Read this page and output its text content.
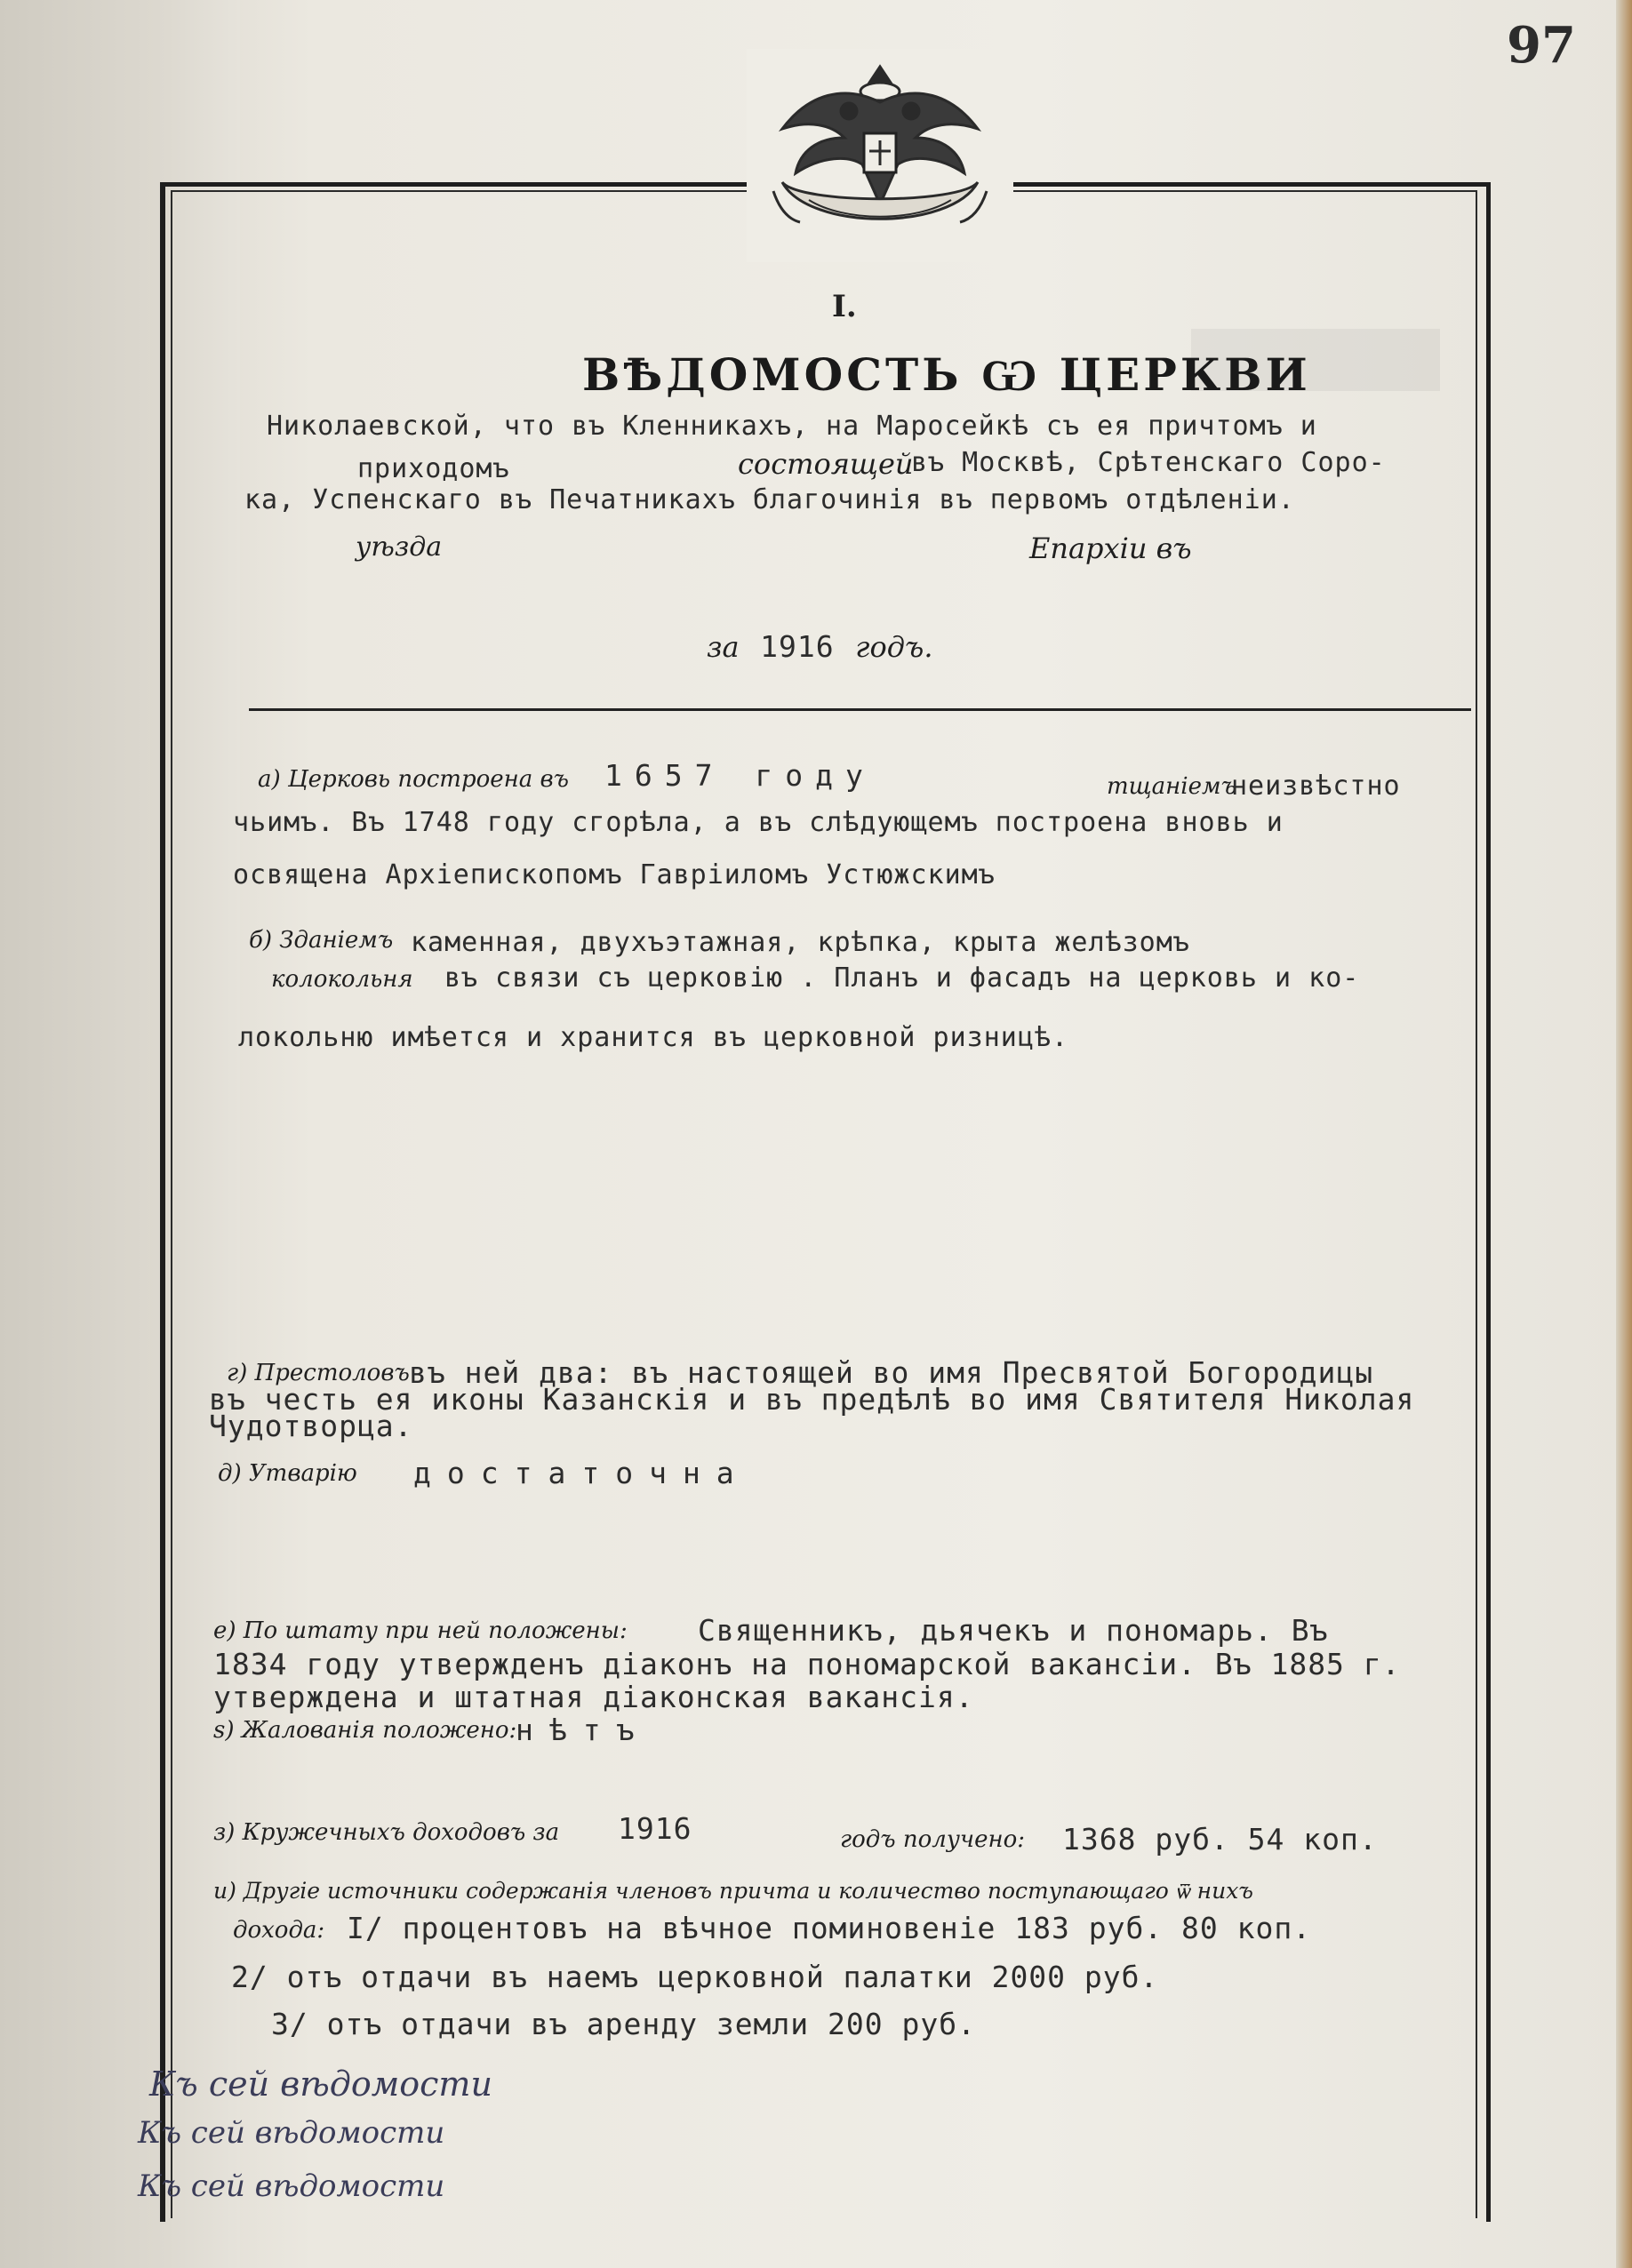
97
I.
ВѢДОМОСТЬ Ѡ ЦЕРКВИ
Николаевской, что въ Кленникахъ, на Маросейкѣ съ ея причтомъ и
приходомъ	состоящей
въ Москвѣ, Срѣтенскаго Соро-
ка, Успенскаго въ Печатникахъ благочинія въ первомъ отдѣленіи.
уѣзда	Епархіи въ
за 1916 годъ.
а) Церковь построена въ 1657 году	тщаніемъ
неизвѣстно
чьимъ. Въ 1748 году сгорѣла, а въ слѣдующемъ построена вновь и
освящена Архіепископомъ Гавріиломъ Устюжскимъ
б) Зданіемъ каменная, двухъэтажная, крѣпка, крыта желѣзомъ
колокольня въ связи съ церковію . Планъ и фасадъ на церковь и ко-
локольню имѣется и хранится въ церковной ризницѣ.
г) Престоловъ въ ней два: въ настоящей во имя Пресвятой Богородицы
въ честь ея иконы Казанскія и въ предѣлѣ во имя Святителя Николая
Чудотворца.
д) Утварію достаточна
е) По штату при ней положены: Священникъ, дьячекъ и пономарь. Въ
1834 году утвержденъ діаконъ на пономарской вакансіи. Въ 1885 г.
утверждена и штатная діаконская вакансія.
ѕ) Жалованія положено:
нѣтъ
з) Кружечныхъ доходовъ за 1916	годъ получено: 1368 руб. 54 коп.
и) Другіе источники содержанія членовъ причта и количество поступающаго ѿ нихъ
дохода: I/ процентовъ на вѣчное поминовеніе 183 руб. 80 коп.
2/ отъ отдачи въ наемъ церковной палатки 2000 руб.
3/ отъ отдачи въ аренду земли 200 руб.
Къ сей вѣдомости
Къ сей вѣдомости
Къ сей вѣдомости
